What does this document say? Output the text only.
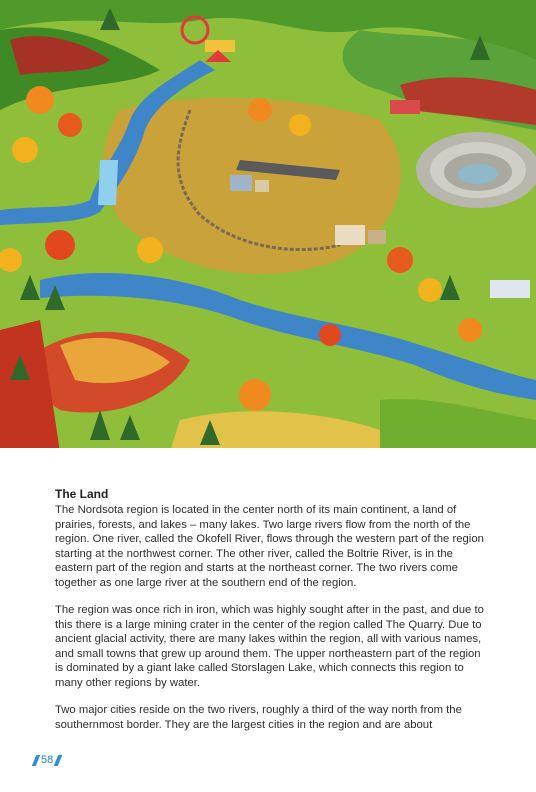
The Land

The Nordsota region is located in the center north of its main continent, a land of prairies, forests, and lakes – many lakes. Two large rivers flow from the north of the region. One river, called the Okofell River, flows through the western part of the region starting at the northwest corner. The other river, called the Boltrie River, is in the eastern part of the region and starts at the northeast corner. The two rivers come together as one large river at the southern end of the region.

The region was once rich in iron, which was highly sought after in the past, and due to this there is a large mining crater in the center of the region called The Quarry. Due to ancient glacial activity, there are many lakes within the region, all with various names, and small towns that grew up around them. The upper northeastern part of the region is dominated by a giant lake called Storslagen Lake, which connects this region to many other regions by water.

Two major cities reside on the two rivers, roughly a third of the way north from the southernmost border. They are the largest cities in the region and are about

58
